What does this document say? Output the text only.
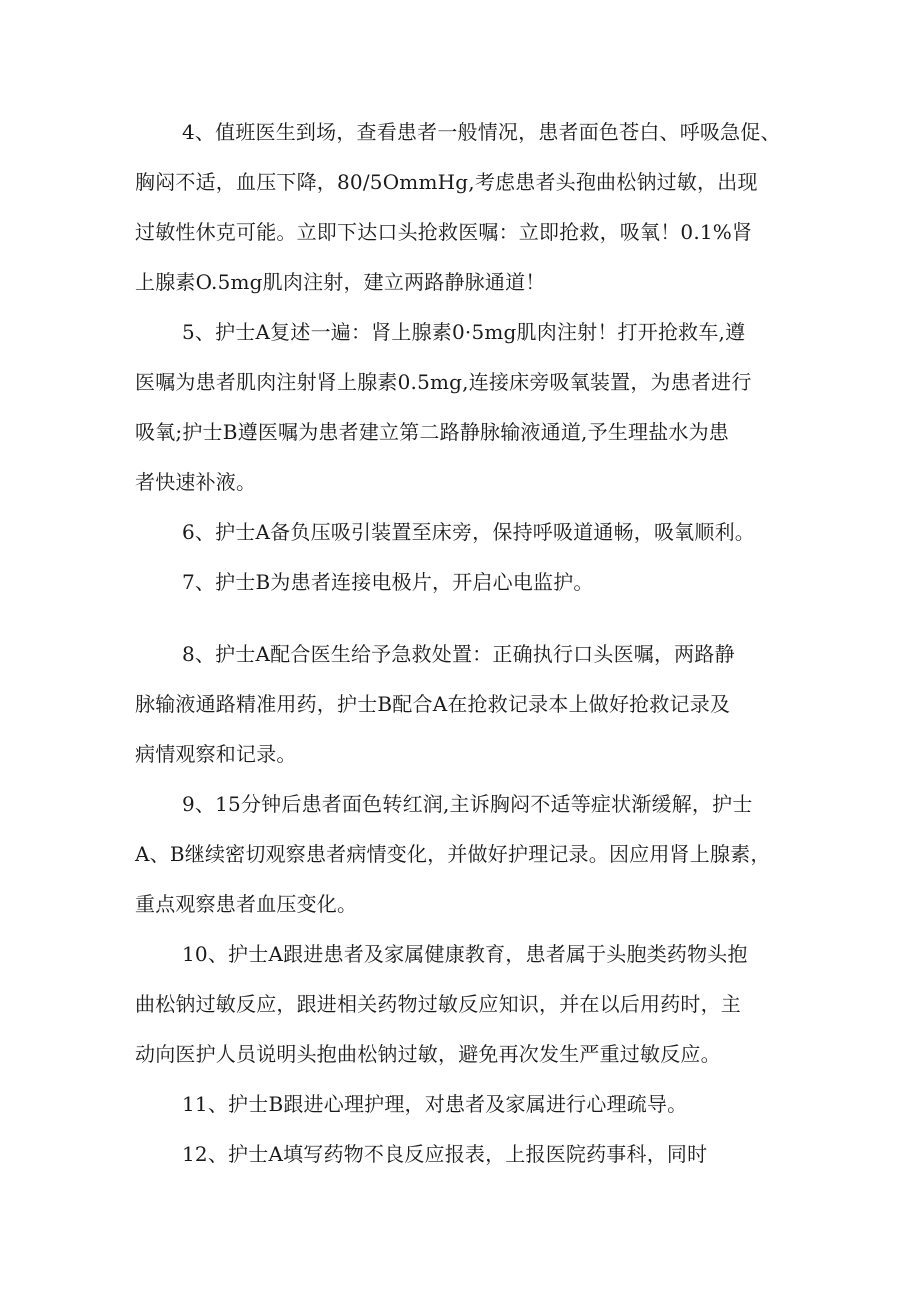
4、值班医生到场，查看患者一般情况，患者面色苍白、呼吸急促、
胸闷不适，血压下降，80/5OmmHg,考虑患者头孢曲松钠过敏，出现
过敏性休克可能。立即下达口头抢救医嘱：立即抢救，吸氧！0.1%肾
上腺素O.5mg肌肉注射，建立两路静脉通道！
5、护士A复述一遍：肾上腺素0·5mg肌肉注射！打开抢救车,遵
医嘱为患者肌肉注射肾上腺素0.5mg,连接床旁吸氧装置，为患者进行
吸氧;护士B遵医嘱为患者建立第二路静脉输液通道,予生理盐水为患
者快速补液。
6、护士A备负压吸引装置至床旁，保持呼吸道通畅，吸氧顺利。
7、护士B为患者连接电极片，开启心电监护。
8、护士A配合医生给予急救处置：正确执行口头医嘱，两路静
脉输液通路精准用药，护士B配合A在抢救记录本上做好抢救记录及
病情观察和记录。
9、15分钟后患者面色转红润,主诉胸闷不适等症状渐缓解，护士
A、B继续密切观察患者病情变化，并做好护理记录。因应用肾上腺素，
重点观察患者血压变化。
10、护士A跟进患者及家属健康教育，患者属于头胞类药物头抱
曲松钠过敏反应，跟进相关药物过敏反应知识，并在以后用药时，主
动向医护人员说明头抱曲松钠过敏，避免再次发生严重过敏反应。
11、护士B跟进心理护理，对患者及家属进行心理疏导。
12、护士A填写药物不良反应报表，上报医院药事科，同时
